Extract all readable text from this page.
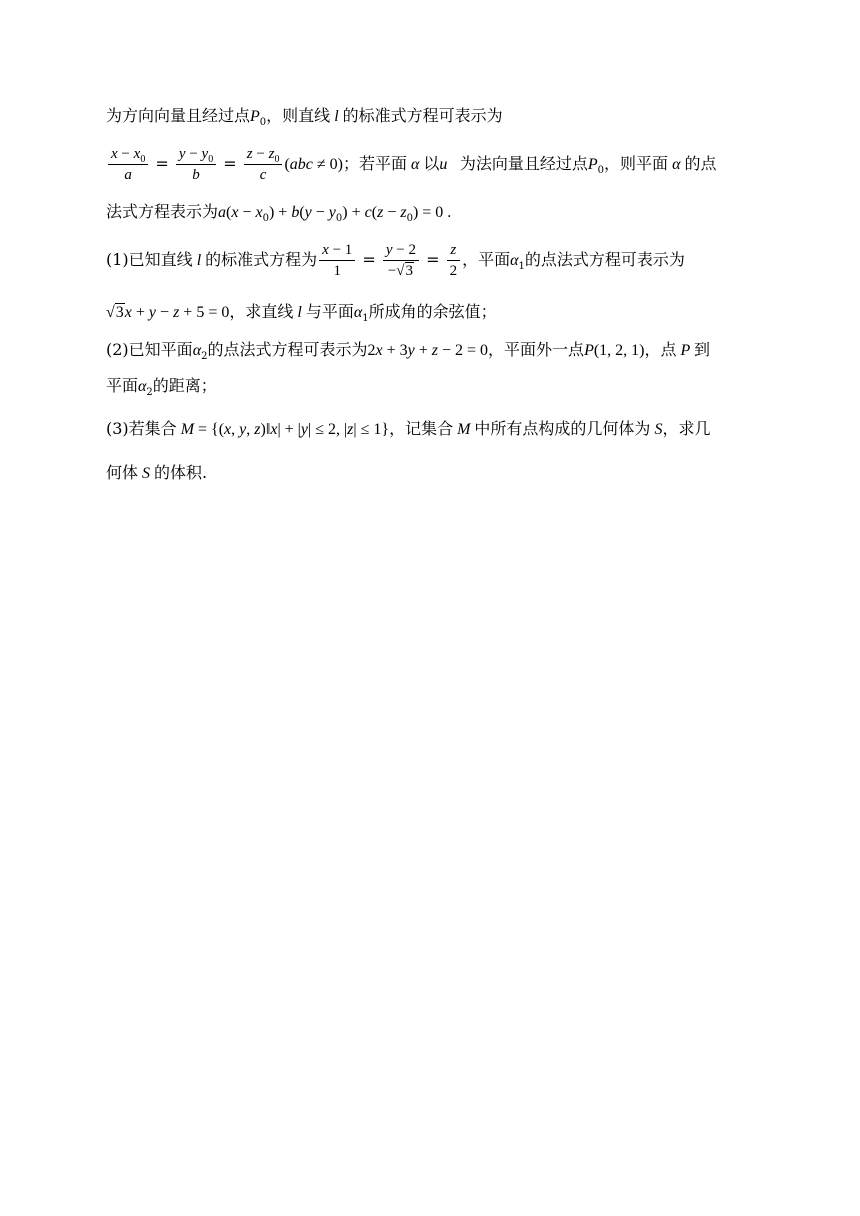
为方向向量且经过点$P_0$，则直线 l 的标准式方程可表示为
$\frac{x - x_0}{a} = \frac{y - y_0}{b} = \frac{z - z_0}{c} (abc \ne 0)$；若平面 α 以u⃗为法向量且经过点$P_0$，则平面 α 的点
法式方程表示为$a(x - x_0) + b(y - y_0) + c(z - z_0) = 0$ .
(1)已知直线 l 的标准式方程为 $\frac{x - 1}{1} = \frac{y - 2}{-√3} = \frac{z}{2}$ ，平面$\alpha_1$的点法式方程可表示为
√3x + y − z + 5 = 0，求直线 l 与平面$\alpha_1$所成角的余弦值；
(2)已知平面$\alpha_2$的点法式方程可表示为2x + 3y + z − 2 = 0，平面外一点P(1, 2, 1)，点 P 到
平面$\alpha_2$的距离；
(3)若集合 M = {(x, y, z)‖x| + |y| ≤ 2, |z| ≤ 1}，记集合 M 中所有点构成的几何体为 S，求几
何体 S 的体积.
